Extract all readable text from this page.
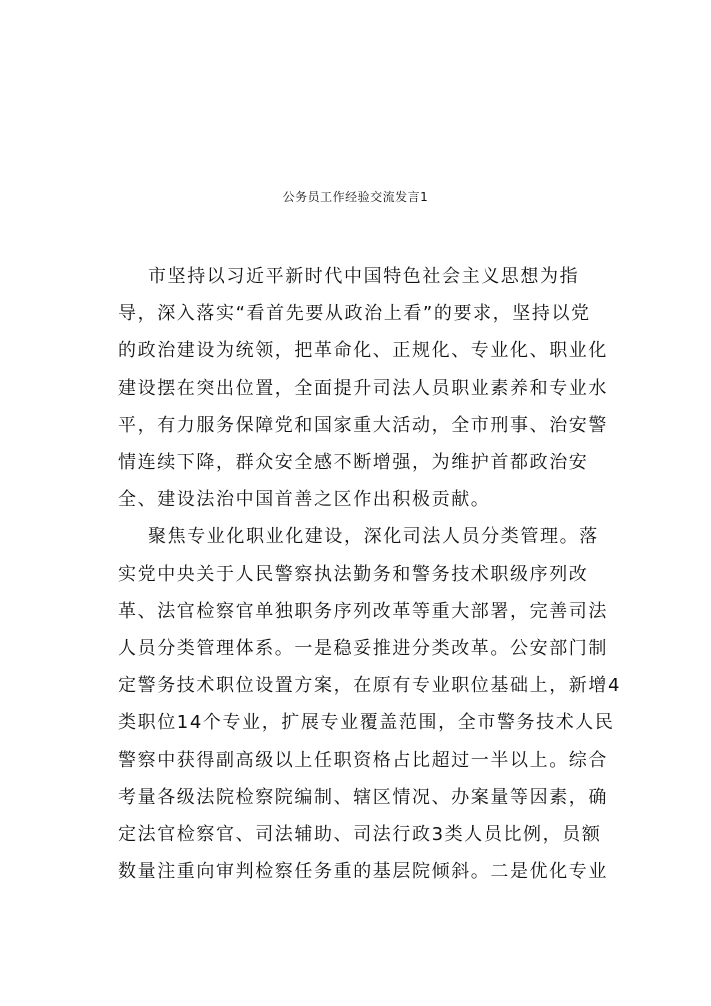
公务员工作经验交流发言1
市坚持以习近平新时代中国特色社会主义思想为指
导，深入落实“看首先要从政治上看”的要求，坚持以党
的政治建设为统领，把革命化、正规化、专业化、职业化
建设摆在突出位置，全面提升司法人员职业素养和专业水
平，有力服务保障党和国家重大活动，全市刑事、治安警
情连续下降，群众安全感不断增强，为维护首都政治安
全、建设法治中国首善之区作出积极贡献。
聚焦专业化职业化建设，深化司法人员分类管理。落
实党中央关于人民警察执法勤务和警务技术职级序列改
革、法官检察官单独职务序列改革等重大部署，完善司法
人员分类管理体系。一是稳妥推进分类改革。公安部门制
定警务技术职位设置方案，在原有专业职位基础上，新增4
类职位14个专业，扩展专业覆盖范围，全市警务技术人民
警察中获得副高级以上任职资格占比超过一半以上。综合
考量各级法院检察院编制、辖区情况、办案量等因素，确
定法官检察官、司法辅助、司法行政3类人员比例，员额
数量注重向审判检察任务重的基层院倾斜。二是优化专业
